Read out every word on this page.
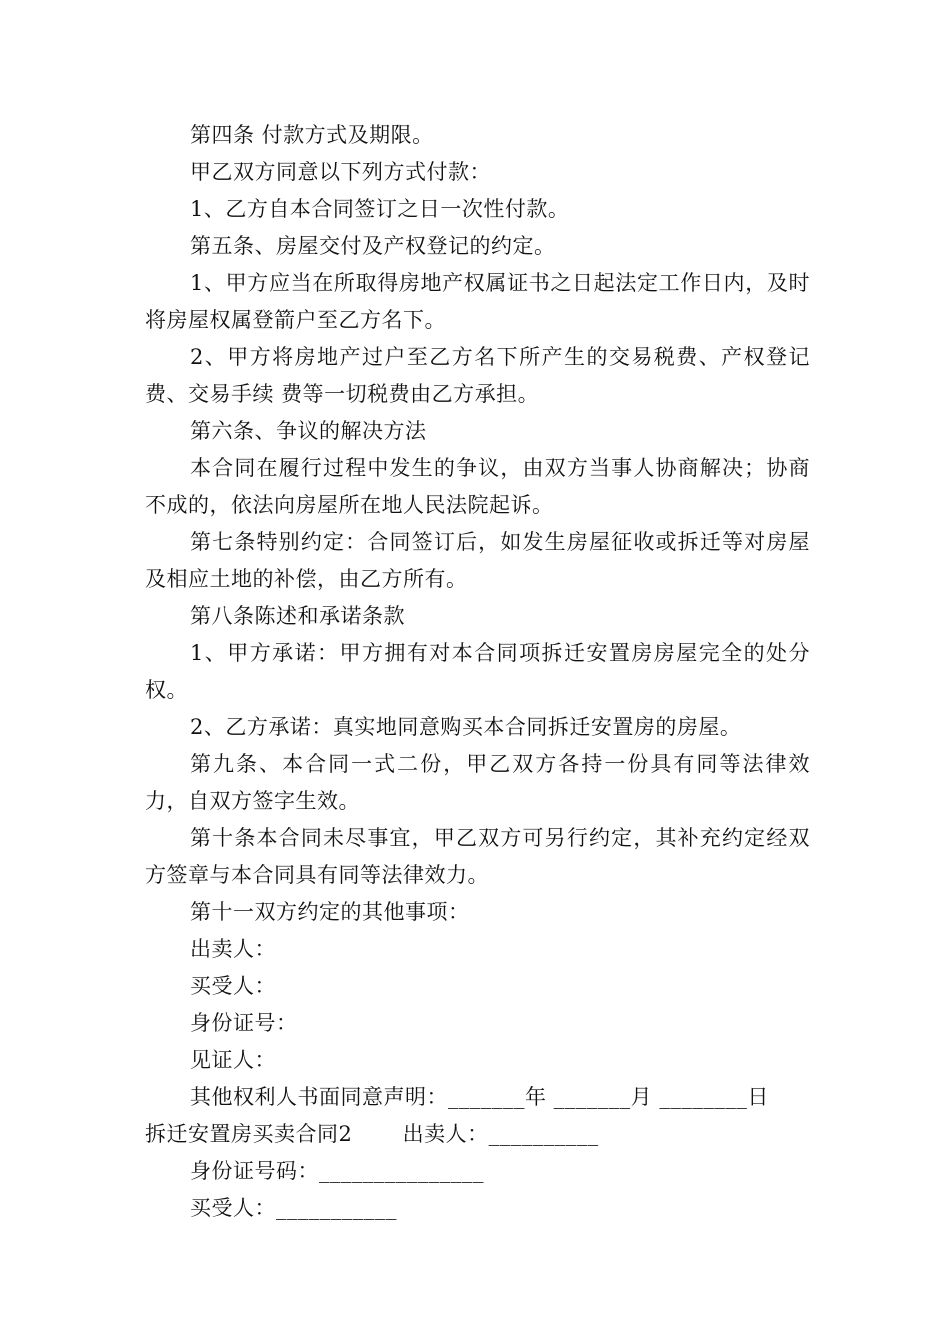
第四条 付款方式及期限。

甲乙双方同意以下列方式付款：

1、乙方自本合同签订之日一次性付款。

第五条、房屋交付及产权登记的约定。

1、甲方应当在所取得房地产权属证书之日起法定工作日内，及时将房屋权属登箭户至乙方名下。

2、甲方将房地产过户至乙方名下所产生的交易税费、产权登记费、交易手续 费等一切税费由乙方承担。

第六条、争议的解决方法

本合同在履行过程中发生的争议，由双方当事人协商解决；协商不成的，依法向房屋所在地人民法院起诉。

第七条特别约定：合同签订后，如发生房屋征收或拆迁等对房屋及相应土地的补偿，由乙方所有。

第八条陈述和承诺条款

1、甲方承诺：甲方拥有对本合同项拆迁安置房房屋完全的处分权。

2、乙方承诺：真实地同意购买本合同拆迁安置房的房屋。

第九条、本合同一式二份，甲乙双方各持一份具有同等法律效力，自双方签字生效。

第十条本合同未尽事宜，甲乙双方可另行约定，其补充约定经双方签章与本合同具有同等法律效力。

第十一双方约定的其他事项：

出卖人：

买受人：

身份证号：

见证人：

其他权利人书面同意声明：_______年 _______月 ________日

拆迁安置房买卖合同2       出卖人：__________

身份证号码：_______________

买受人：___________
